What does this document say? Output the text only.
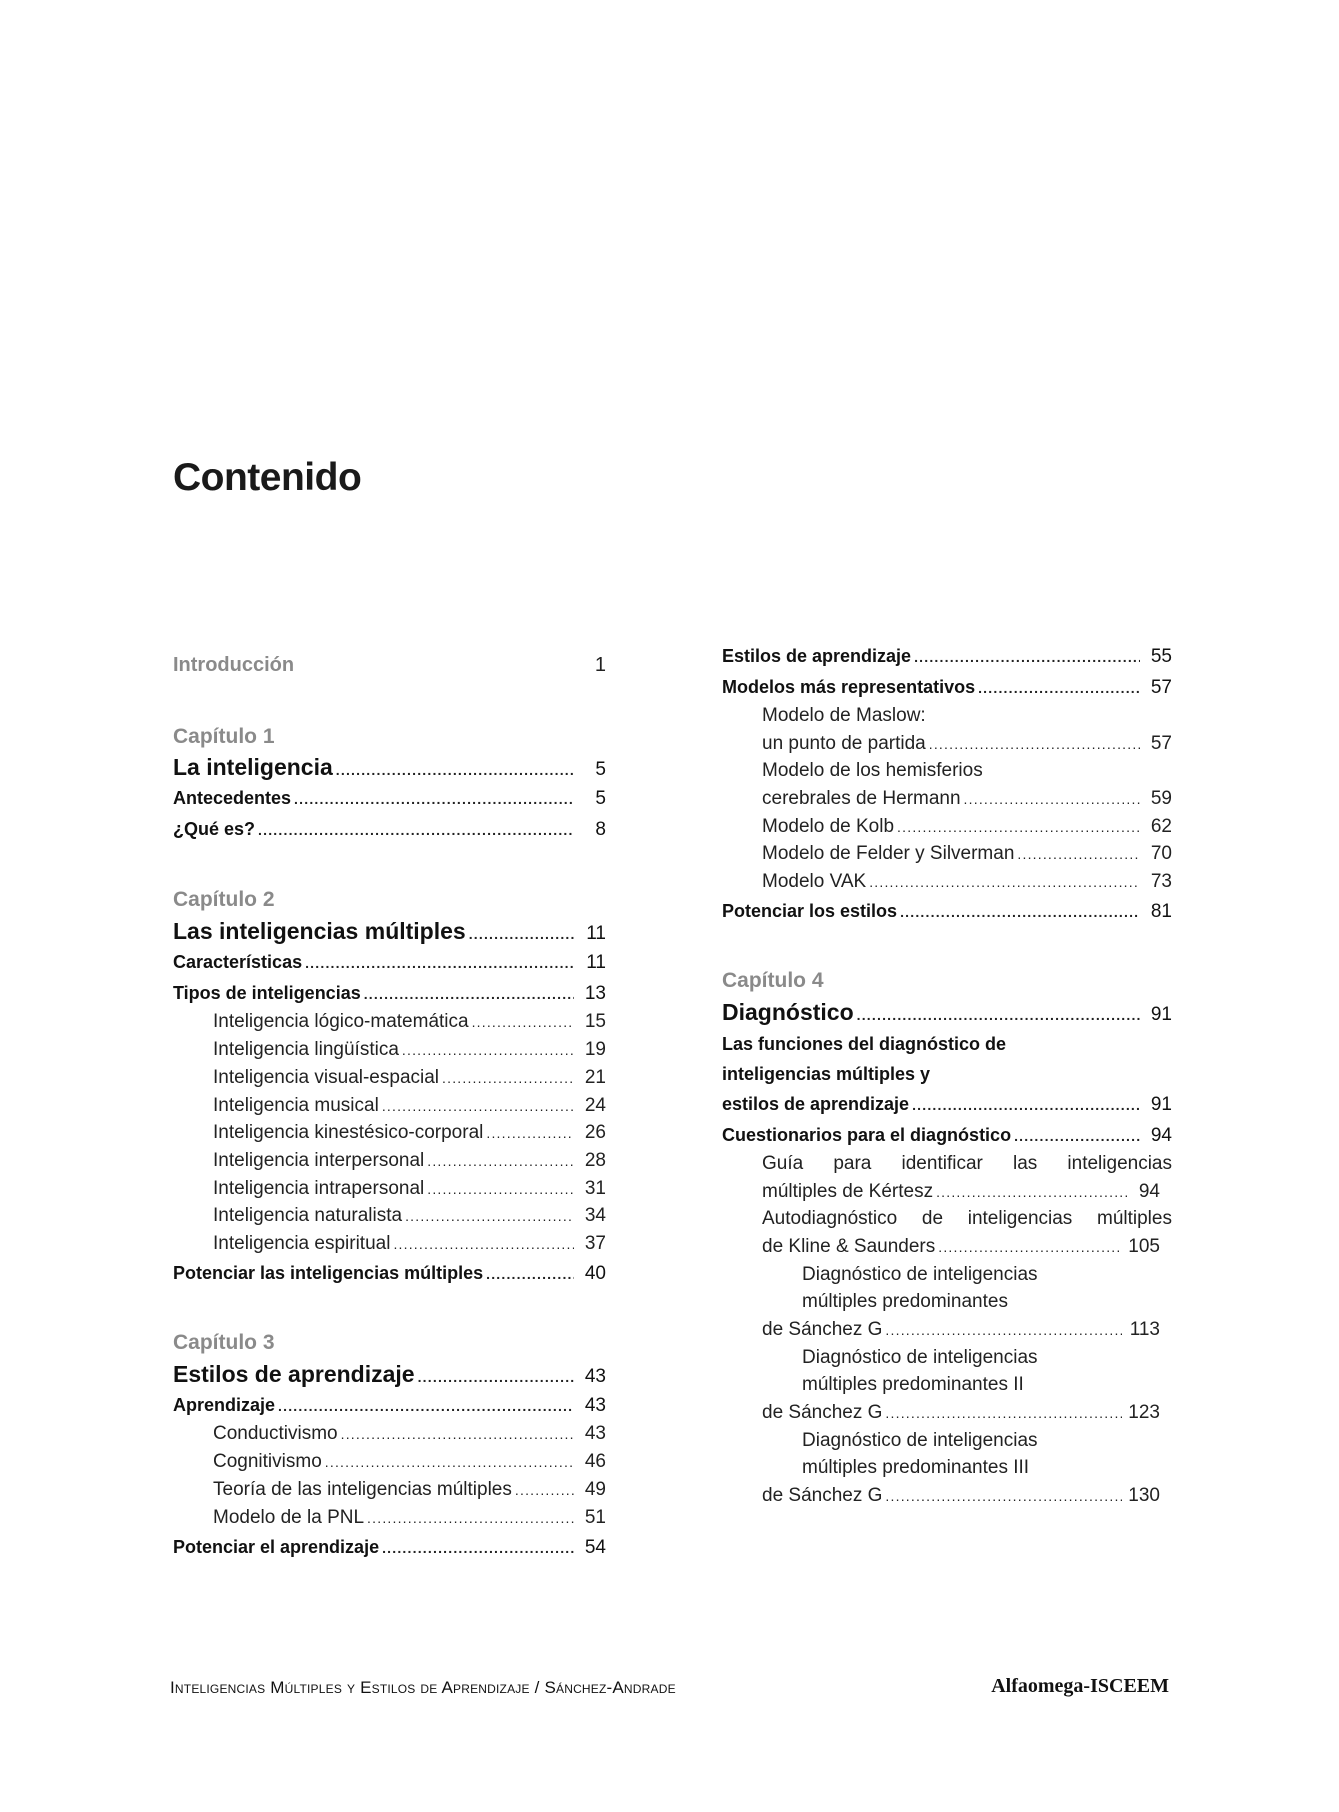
Contenido
Introducción	1
Capítulo 1
La inteligencia .....	5
Antecedentes .....	5
¿Qué es? .....	8
Capítulo 2
Las inteligencias múltiples .....	11
Características .....	11
Tipos de inteligencias .....	13
Inteligencia lógico-matemática .....	15
Inteligencia lingüística .....	19
Inteligencia visual-espacial .....	21
Inteligencia musical .....	24
Inteligencia kinestésico-corporal .....	26
Inteligencia interpersonal .....	28
Inteligencia intrapersonal .....	31
Inteligencia naturalista .....	34
Inteligencia espiritual .....	37
Potenciar las inteligencias múltiples .....	40
Capítulo 3
Estilos de aprendizaje .....	43
Aprendizaje .....	43
Conductivismo .....	43
Cognitivismo .....	46
Teoría de las inteligencias múltiples .....	49
Modelo de la PNL .....	51
Potenciar el aprendizaje .....	54
Estilos de aprendizaje .....	55
Modelos más representativos .....	57
Modelo de Maslow:
un punto de partida .....	57
Modelo de los hemisferios
cerebrales de Hermann .....	59
Modelo de Kolb .....	62
Modelo de Felder y Silverman .....	70
Modelo VAK .....	73
Potenciar los estilos .....	81
Capítulo 4
Diagnóstico .....	91
Las funciones del diagnóstico de
inteligencias múltiples y
estilos de aprendizaje .....	91
Cuestionarios para el diagnóstico .....	94
Guía para identificar las inteligencias
múltiples de Kértesz .....	94
Autodiagnóstico de inteligencias múltiples
de Kline & Saunders .....	105
Diagnóstico de inteligencias
múltiples predominantes
de Sánchez G .....	113
Diagnóstico de inteligencias
múltiples predominantes II
de Sánchez G .....	123
Diagnóstico de inteligencias
múltiples predominantes III
de Sánchez G .....	130
Inteligencias Múltiples y Estilos de Aprendizaje / Sánchez-Andrade	Alfaomega-ISCEEM
